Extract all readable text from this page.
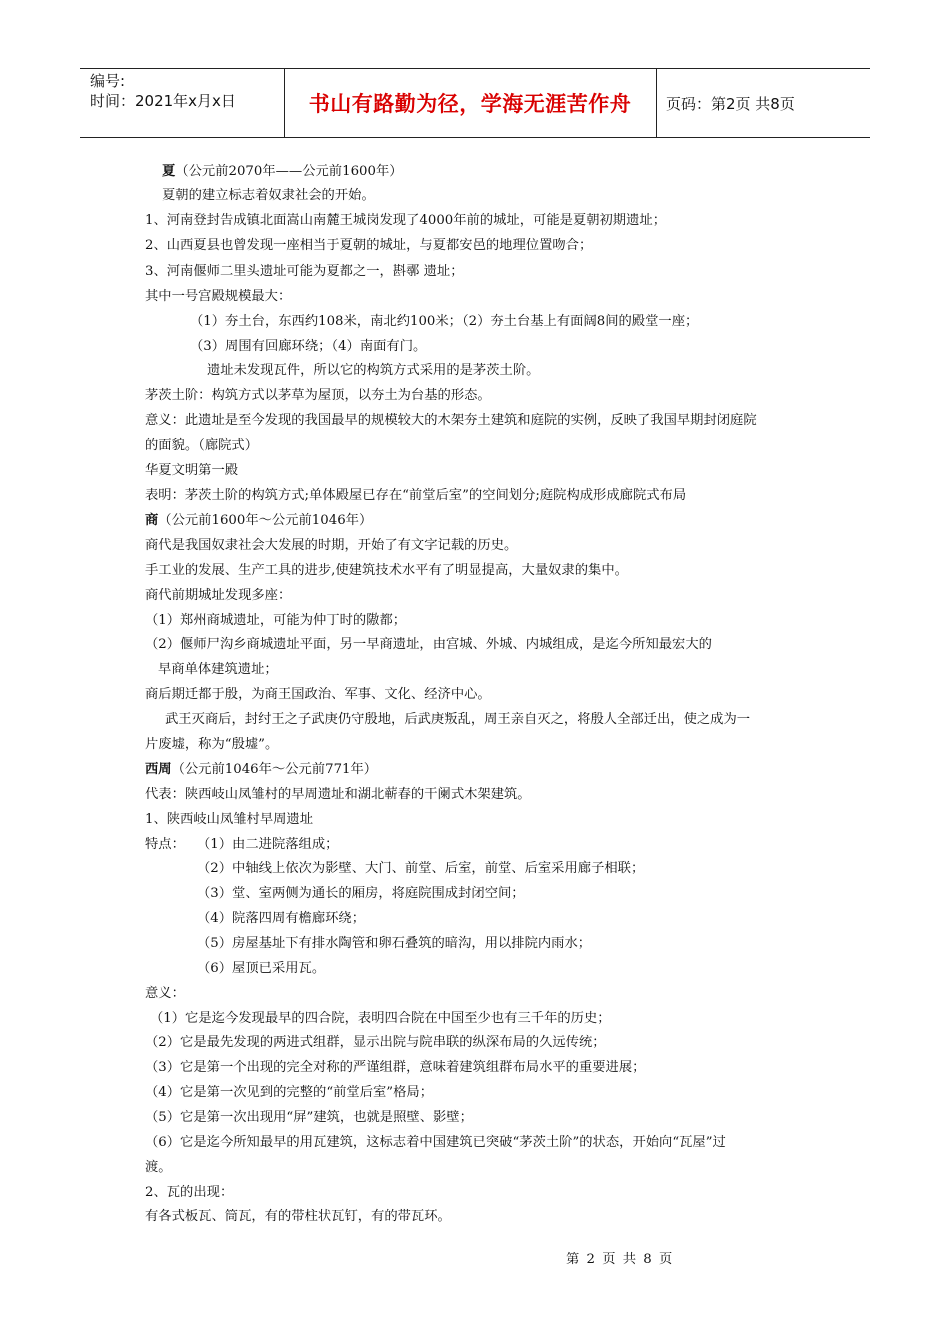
编号:
时间：2021年x月x日	书山有路勤为径，学海无涯苦作舟	页码：第2页 共8页
夏（公元前2070年——公元前1600年）
夏朝的建立标志着奴隶社会的开始。
1、河南登封告成镇北面嵩山南麓王城岗发现了4000年前的城址，可能是夏朝初期遗址；
2、山西夏县也曾发现一座相当于夏朝的城址，与夏都安邑的地理位置吻合；
3、河南偃师二里头遗址可能为夏都之一，斟鄩 遗址；
其中一号宫殿规模最大：
（1）夯土台，东西约108米，南北约100米；（2）夯土台基上有面阔8间的殿堂一座；
（3）周围有回廊环绕；（4）南面有门。
遗址未发现瓦件，所以它的构筑方式采用的是茅茨土阶。
茅茨土阶：构筑方式以茅草为屋顶，以夯土为台基的形态。
意义：此遗址是至今发现的我国最早的规模较大的木架夯土建筑和庭院的实例，反映了我国早期封闭庭院
的面貌。（廊院式）
华夏文明第一殿
表明：茅茨土阶的构筑方式;单体殿屋已存在“前堂后室”的空间划分;庭院构成形成廊院式布局
商（公元前1600年～公元前1046年）
商代是我国奴隶社会大发展的时期，开始了有文字记载的历史。
手工业的发展、生产工具的进步,使建筑技术水平有了明显提高，大量奴隶的集中。
商代前期城址发现多座：
（1）郑州商城遗址，可能为仲丁时的隞都；
（2）偃师尸沟乡商城遗址平面，另一早商遗址，由宫城、外城、内城组成，是迄今所知最宏大的
早商单体建筑遗址；
商后期迁都于殷，为商王国政治、军事、文化、经济中心。
武王灭商后，封纣王之子武庚仍守殷地，后武庚叛乱，周王亲自灭之，将殷人全部迁出，使之成为一
片废墟，称为“殷墟”。
西周（公元前1046年～公元前771年）
代表：陕西岐山凤雏村的早周遗址和湖北蕲春的干阑式木架建筑。
1、陕西岐山凤雏村早周遗址
特点： （1）由二进院落组成；
（2）中轴线上依次为影壁、大门、前堂、后室，前堂、后室采用廊子相联；
（3）堂、室两侧为通长的厢房，将庭院围成封闭空间；
（4）院落四周有檐廊环绕；
（5）房屋基址下有排水陶管和卵石叠筑的暗沟，用以排院内雨水；
（6）屋顶已采用瓦。
意义：
（1）它是迄今发现最早的四合院，表明四合院在中国至少也有三千年的历史；
（2）它是最先发现的两进式组群，显示出院与院串联的纵深布局的久远传统；
（3）它是第一个出现的完全对称的严谨组群，意味着建筑组群布局水平的重要进展；
（4）它是第一次见到的完整的“前堂后室”格局；
（5）它是第一次出现用“屏”建筑，也就是照壁、影壁；
（6）它是迄今所知最早的用瓦建筑，这标志着中国建筑已突破“茅茨土阶”的状态，开始向“瓦屋”过
渡。
2、瓦的出现：
有各式板瓦、筒瓦，有的带柱状瓦钉，有的带瓦环。
第 2 页 共 8 页
